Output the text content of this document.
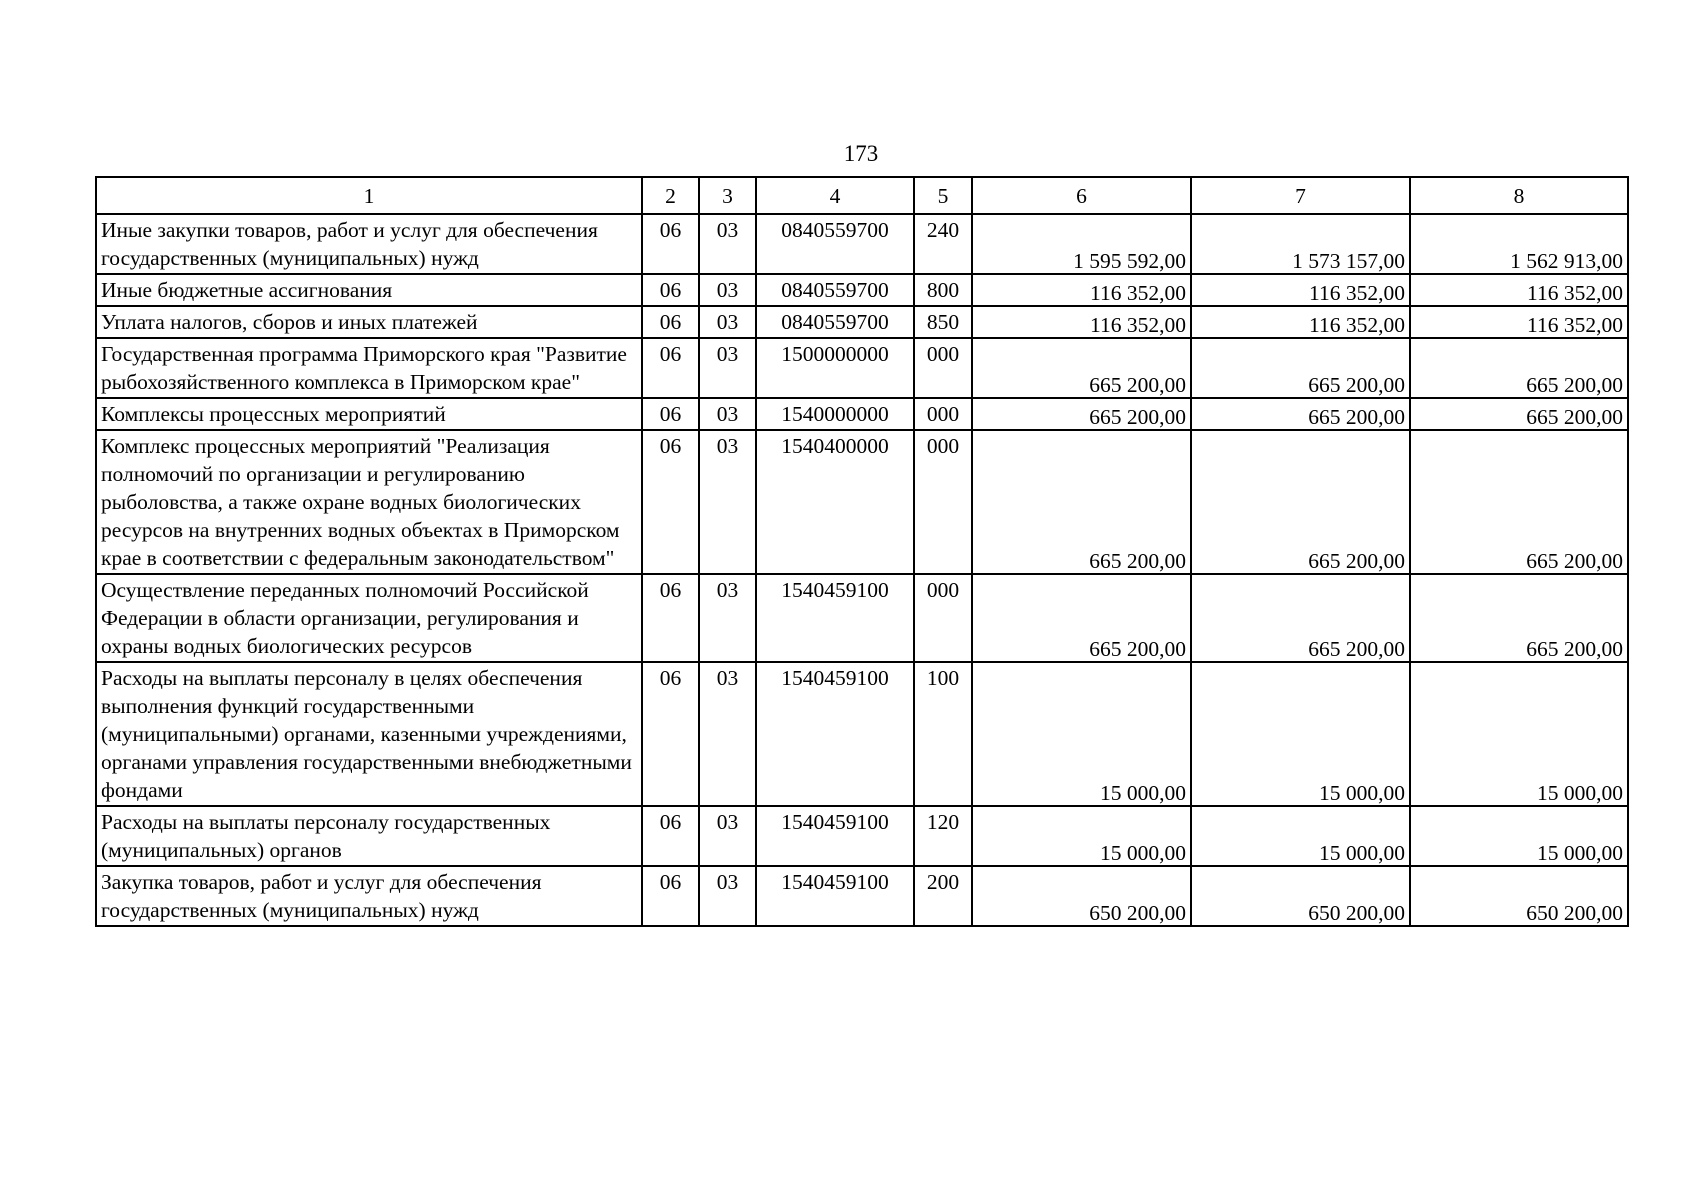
173
1	2	3	4	5	6	7	8
Иные закупки товаров, работ и услуг для обеспечения государственных (муниципальных) нужд	06	03	0840559700	240	1 595 592,00	1 573 157,00	1 562 913,00
Иные бюджетные ассигнования	06	03	0840559700	800	116 352,00	116 352,00	116 352,00
Уплата налогов, сборов и иных платежей	06	03	0840559700	850	116 352,00	116 352,00	116 352,00
Государственная программа Приморского края "Развитие рыбохозяйственного комплекса в Приморском крае"	06	03	1500000000	000	665 200,00	665 200,00	665 200,00
Комплексы процессных мероприятий	06	03	1540000000	000	665 200,00	665 200,00	665 200,00
Комплекс процессных мероприятий "Реализация полномочий по организации и регулированию рыболовства, а также охране водных биологических ресурсов на внутренних водных объектах в Приморском крае в соответствии с федеральным законодательством"	06	03	1540400000	000	665 200,00	665 200,00	665 200,00
Осуществление переданных полномочий Российской Федерации в области организации, регулирования и охраны водных биологических ресурсов	06	03	1540459100	000	665 200,00	665 200,00	665 200,00
Расходы на выплаты персоналу в целях обеспечения выполнения функций государственными (муниципальными) органами, казенными учреждениями, органами управления государственными внебюджетными фондами	06	03	1540459100	100	15 000,00	15 000,00	15 000,00
Расходы на выплаты персоналу государственных (муниципальных) органов	06	03	1540459100	120	15 000,00	15 000,00	15 000,00
Закупка товаров, работ и услуг для обеспечения государственных (муниципальных) нужд	06	03	1540459100	200	650 200,00	650 200,00	650 200,00
